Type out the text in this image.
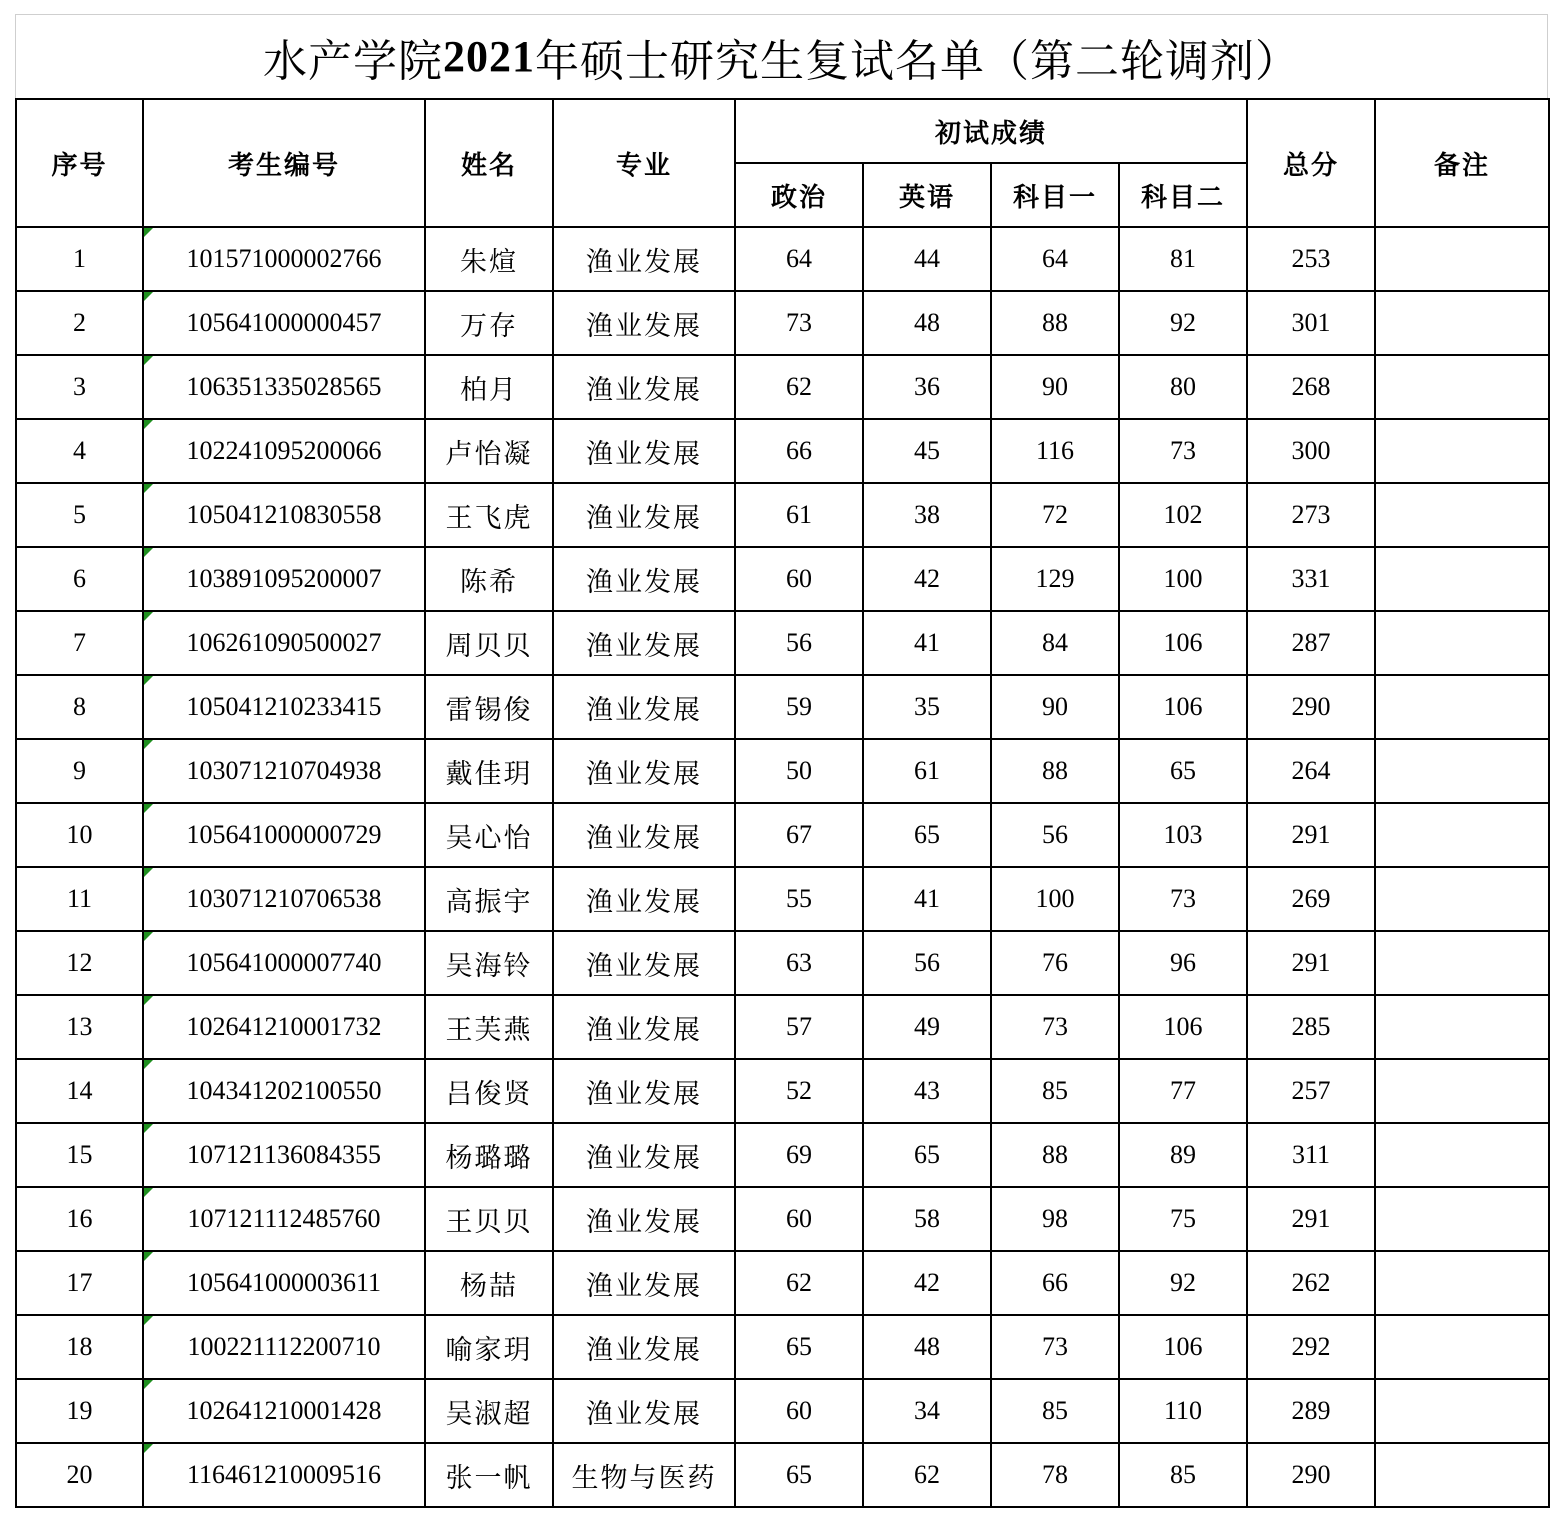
水产学院 2021 年硕士研究生复试名单（第二轮调剂）
序号	考生编号	姓名	专业	初试成绩				总分	备注
				政治	英语	科目一	科目二		
1	101571000002766	朱煊	渔业发展	64	44	64	81	253	
2	105641000000457	万存	渔业发展	73	48	88	92	301	
3	106351335028565	柏月	渔业发展	62	36	90	80	268	
4	102241095200066	卢怡凝	渔业发展	66	45	116	73	300	
5	105041210830558	王飞虎	渔业发展	61	38	72	102	273	
6	103891095200007	陈希	渔业发展	60	42	129	100	331	
7	106261090500027	周贝贝	渔业发展	56	41	84	106	287	
8	105041210233415	雷锡俊	渔业发展	59	35	90	106	290	
9	103071210704938	戴佳玥	渔业发展	50	61	88	65	264	
10	105641000000729	吴心怡	渔业发展	67	65	56	103	291	
11	103071210706538	高振宇	渔业发展	55	41	100	73	269	
12	105641000007740	吴海铃	渔业发展	63	56	76	96	291	
13	102641210001732	王芙燕	渔业发展	57	49	73	106	285	
14	104341202100550	吕俊贤	渔业发展	52	43	85	77	257	
15	107121136084355	杨璐璐	渔业发展	69	65	88	89	311	
16	107121112485760	王贝贝	渔业发展	60	58	98	75	291	
17	105641000003611	杨喆	渔业发展	62	42	66	92	262	
18	100221112200710	喻家玥	渔业发展	65	48	73	106	292	
19	102641210001428	吴淑超	渔业发展	60	34	85	110	289	
20	116461210009516	张一帆	生物与医药	65	62	78	85	290	
